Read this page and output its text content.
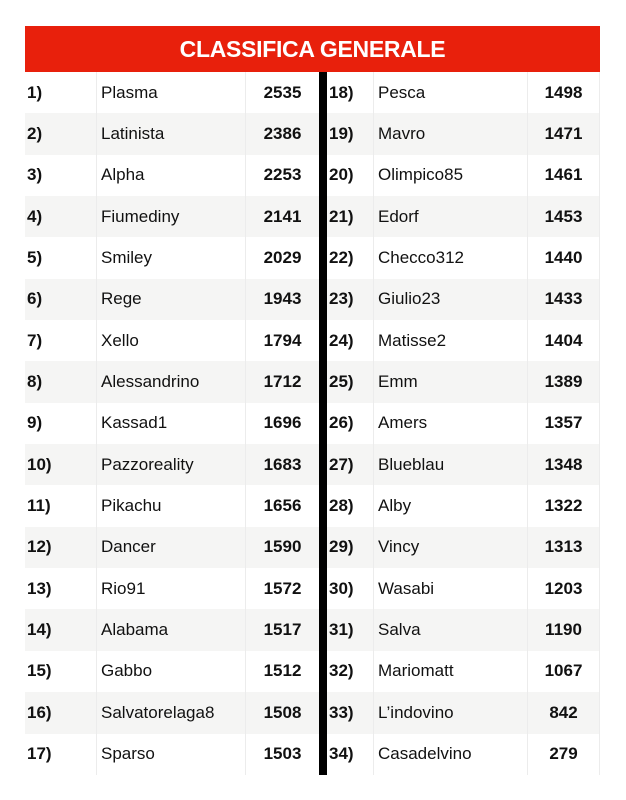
CLASSIFICA GENERALE
1)	Plasma	2535
2)	Latinista	2386
3)	Alpha	2253
4)	Fiumediny	2141
5)	Smiley	2029
6)	Rege	1943
7)	Xello	1794
8)	Alessandrino	1712
9)	Kassad1	1696
10)	Pazzoreality	1683
11)	Pikachu	1656
12)	Dancer	1590
13)	Rio91	1572
14)	Alabama	1517
15)	Gabbo	1512
16)	Salvatorelaga8	1508
17)	Sparso	1503
18)	Pesca	1498
19)	Mavro	1471
20)	Olimpico85	1461
21)	Edorf	1453
22)	Checco312	1440
23)	Giulio23	1433
24)	Matisse2	1404
25)	Emm	1389
26)	Amers	1357
27)	Blueblau	1348
28)	Alby	1322
29)	Vincy	1313
30)	Wasabi	1203
31)	Salva	1190
32)	Mariomatt	1067
33)	L’indovino	842
34)	Casadelvino	279
